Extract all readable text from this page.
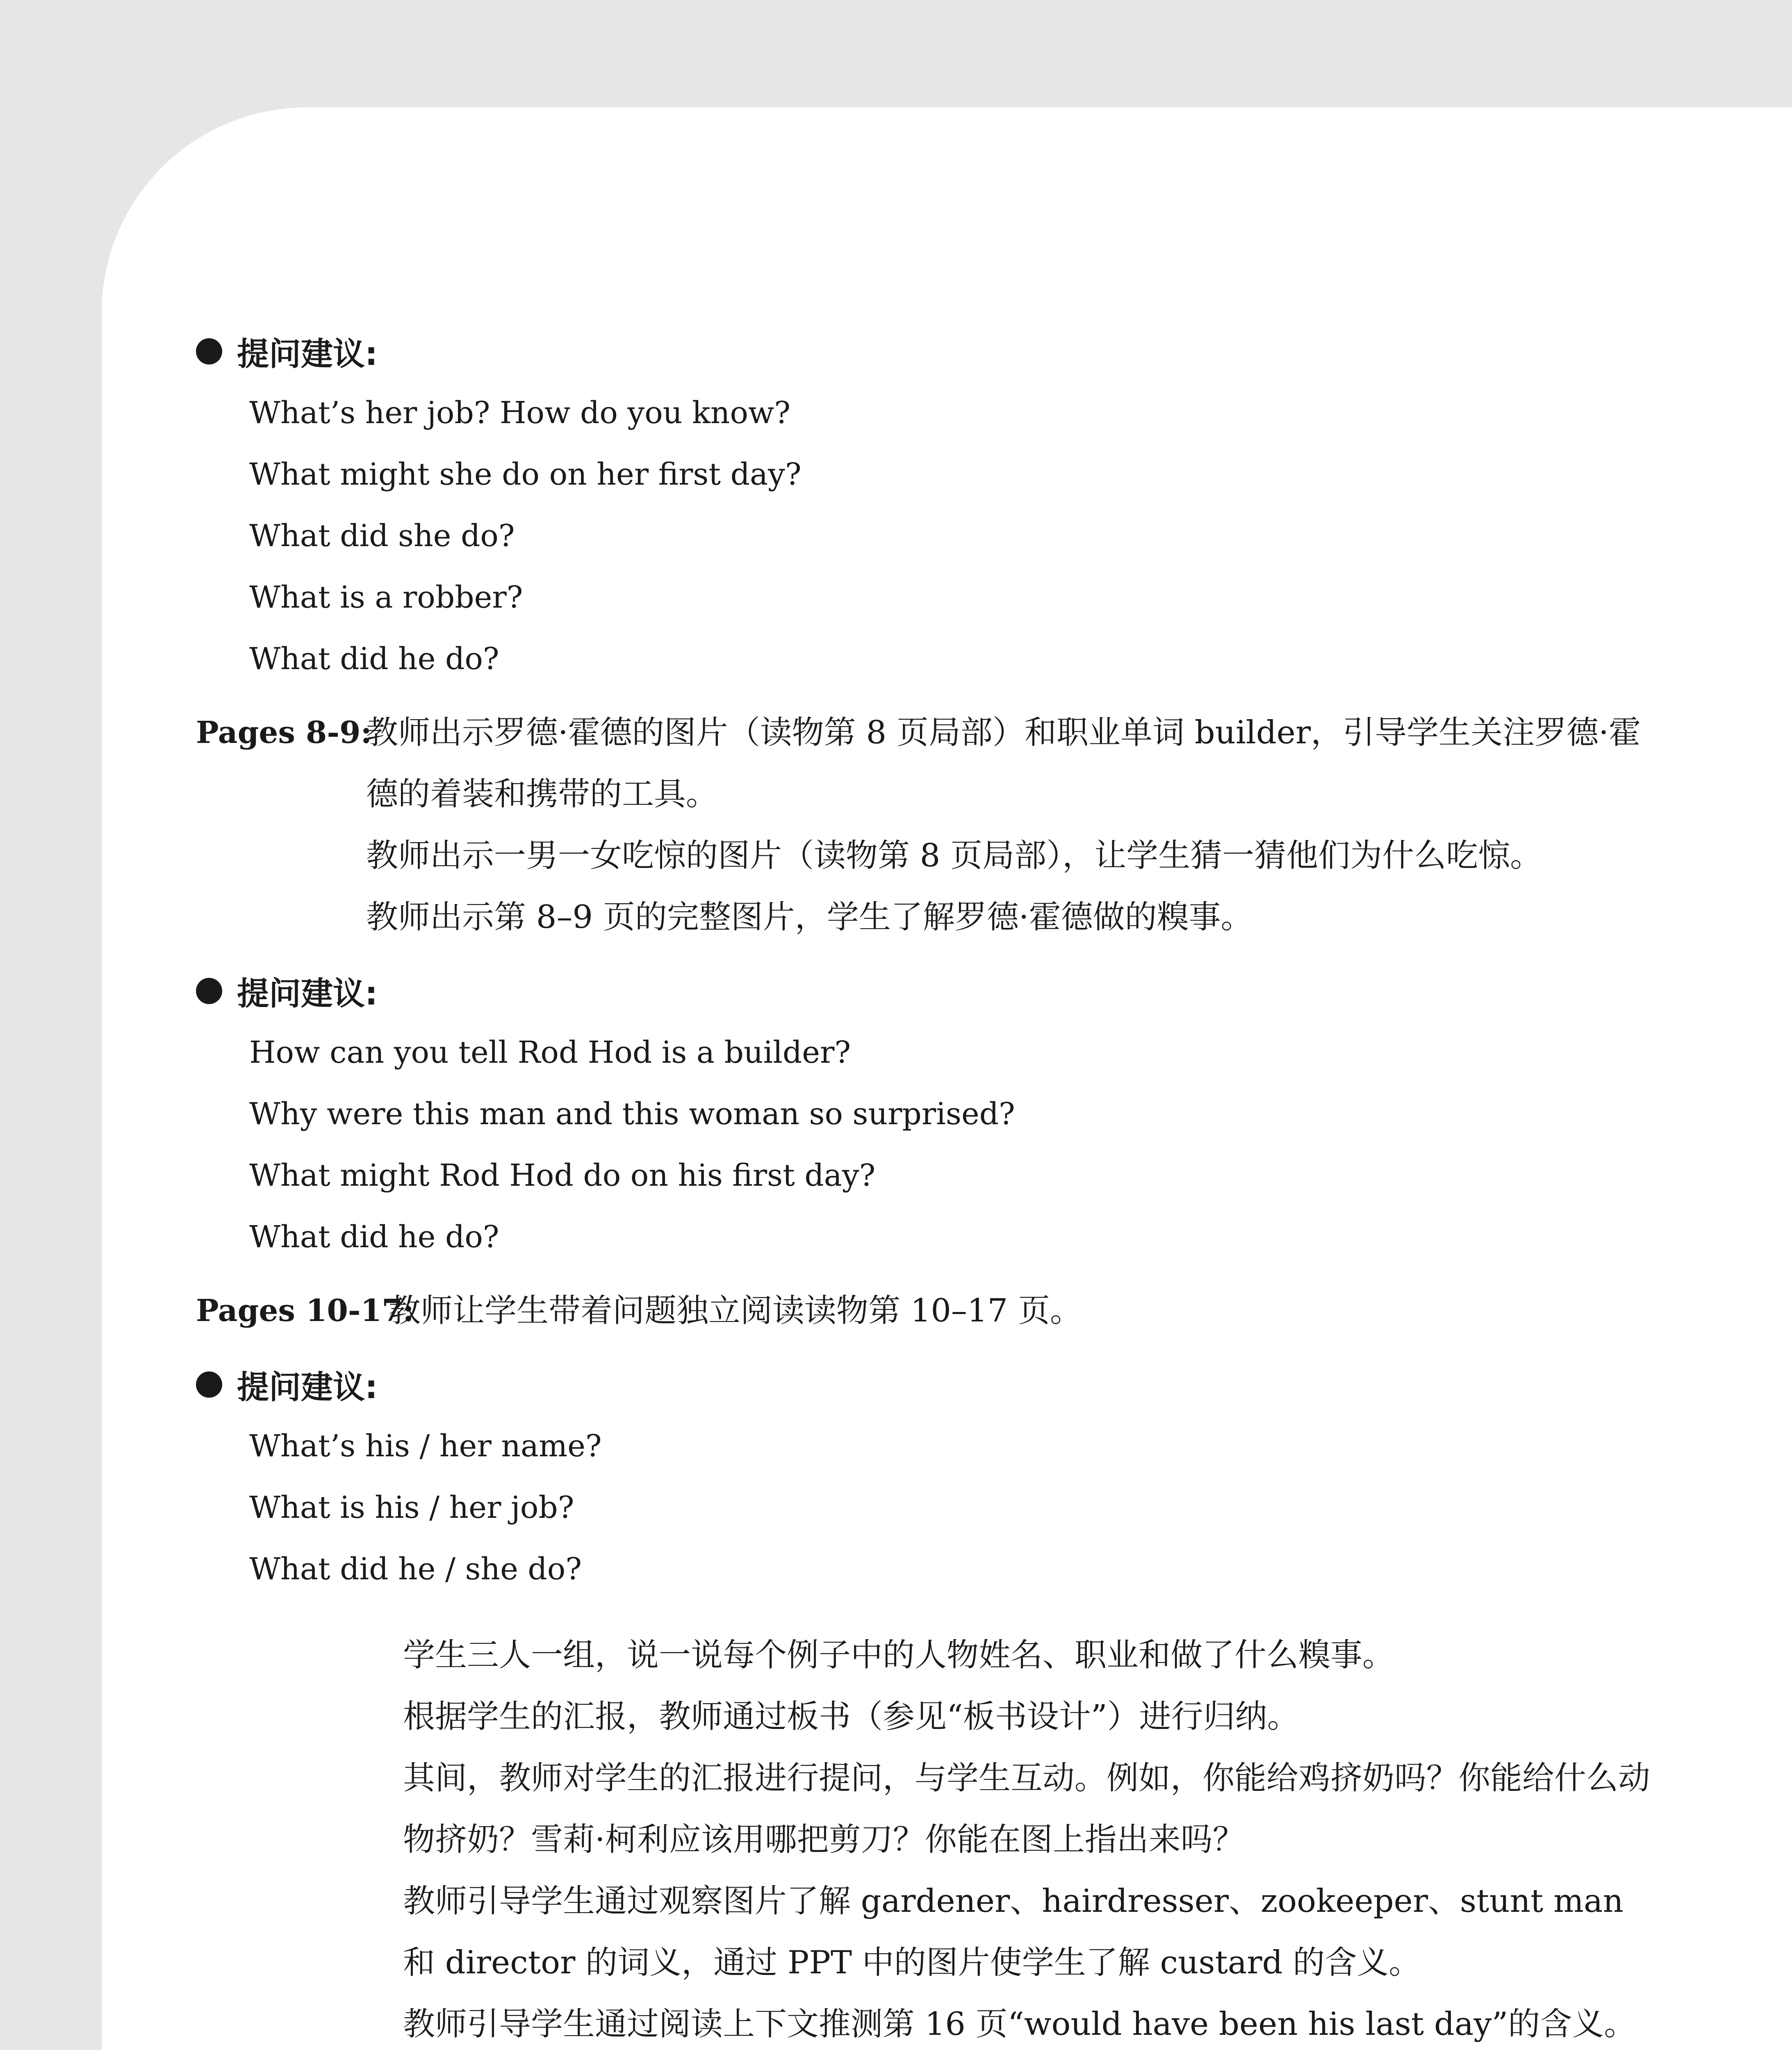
提问建议:
What’s her job? How do you know?
What might she do on her first day?
What did she do?
What is a robber?
What did he do?
Pages 8-9:

教师出示罗德·霍德的图片（读物第 8 页局部）和职业单词 builder，引导学生关注罗德·霍德的着装和携带的工具。

教师出示一男一女吃惊的图片（读物第 8 页局部），让学生猜一猜他们为什么吃惊。

教师出示第 8–9 页的完整图片，学生了解罗德·霍德做的糗事。

提问建议:
How can you tell Rod Hod is a builder?
Why were this man and this woman so surprised?
What might Rod Hod do on his first day?
What did he do?
Pages 10-17:

教师让学生带着问题独立阅读读物第 10–17 页。

提问建议:
What’s his / her name?
What is his / her job?
What did he / she do?

学生三人一组，说一说每个例子中的人物姓名、职业和做了什么糗事。

根据学生的汇报，教师通过板书（参见“板书设计”）进行归纳。

其间，教师对学生的汇报进行提问，与学生互动。例如，你能给鸡挤奶吗？你能给什么动物挤奶？雪莉·柯利应该用哪把剪刀？你能在图上指出来吗？

教师引导学生通过观察图片了解 gardener、hairdresser、zookeeper、stunt man 和 director 的词义，通过 PPT 中的图片使学生了解 custard 的含义。

教师引导学生通过阅读上下文推测第 16 页“would have been his last day”的含义。
